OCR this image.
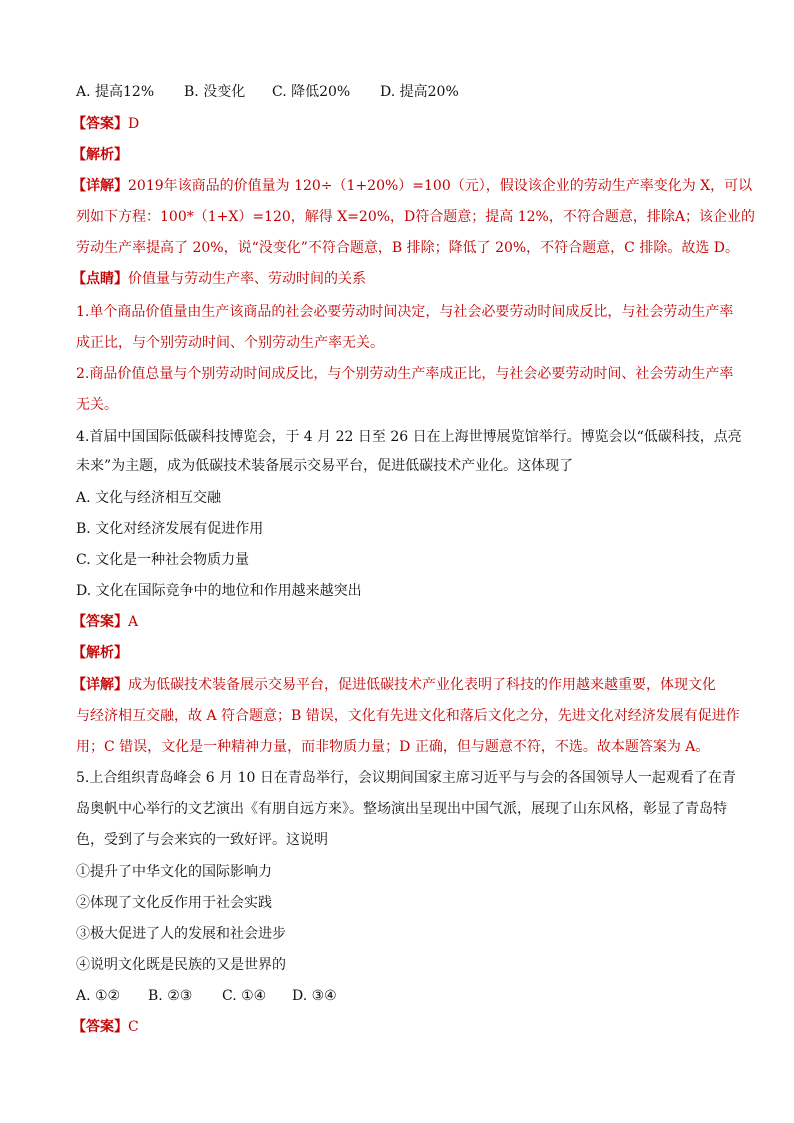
A. 提高12% B. 没变化 C. 降低20% D. 提高20%
【答案】D
【解析】
【详解】2019年该商品的价值量为 120÷（1+20%）=100（元），假设该企业的劳动生产率变化为 X，可以
列如下方程：100*（1+X）=120，解得 X=20%，D符合题意；提高 12%，不符合题意，排除A；该企业的
劳动生产率提高了 20%，说“没变化”不符合题意，B 排除；降低了 20%，不符合题意，C 排除。故选 D。
【点睛】价值量与劳动生产率、劳动时间的关系
1.单个商品价值量由生产该商品的社会必要劳动时间决定，与社会必要劳动时间成反比，与社会劳动生产率
成正比，与个别劳动时间、个别劳动生产率无关。
2.商品价值总量与个别劳动时间成反比，与个别劳动生产率成正比，与社会必要劳动时间、社会劳动生产率
无关。
4.首届中国国际低碳科技博览会，于 4 月 22 日至 26 日在上海世博展览馆举行。博览会以“低碳科技，点亮
未来”为主题，成为低碳技术装备展示交易平台，促进低碳技术产业化。这体现了
A. 文化与经济相互交融
B. 文化对经济发展有促进作用
C. 文化是一种社会物质力量
D. 文化在国际竞争中的地位和作用越来越突出
【答案】A
【解析】
【详解】成为低碳技术装备展示交易平台，促进低碳技术产业化表明了科技的作用越来越重要，体现文化
与经济相互交融，故 A 符合题意；B 错误，文化有先进文化和落后文化之分，先进文化对经济发展有促进作
用；C 错误，文化是一种精神力量，而非物质力量；D 正确，但与题意不符，不选。故本题答案为 A。
5.上合组织青岛峰会 6 月 10 日在青岛举行，会议期间国家主席习近平与与会的各国领导人一起观看了在青
岛奥帆中心举行的文艺演出《有朋自远方来》。整场演出呈现出中国气派，展现了山东风格，彰显了青岛特
色，受到了与会来宾的一致好评。这说明
①提升了中华文化的国际影响力
②体现了文化反作用于社会实践
③极大促进了人的发展和社会进步
④说明文化既是民族的又是世界的
A. ①② B. ②③ C. ①④ D. ③④
【答案】C
